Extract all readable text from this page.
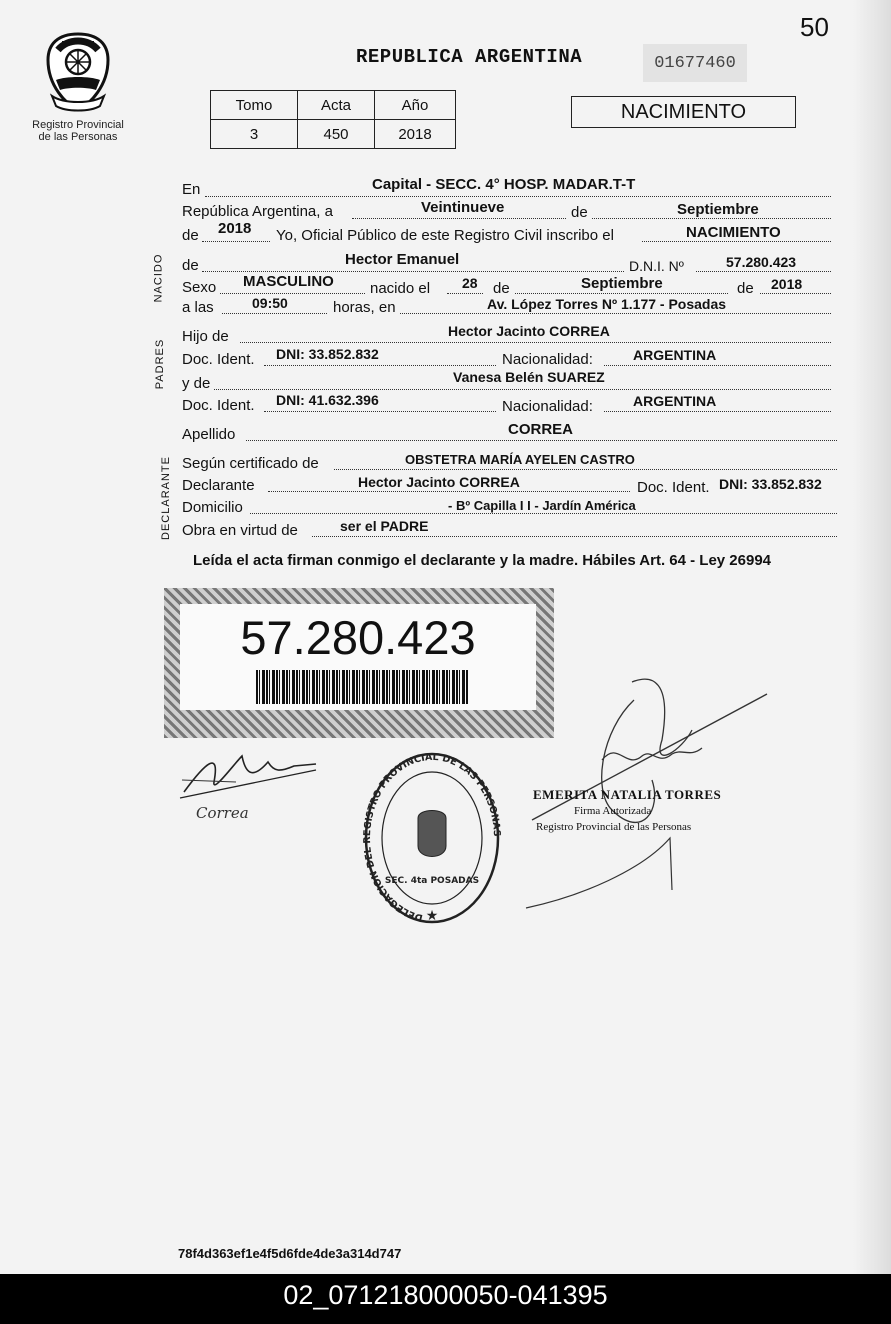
50
Registro Provincial
de las Personas
REPUBLICA ARGENTINA	01677460
Tomo	Acta	Año
3	450	2018
NACIMIENTO
NACIDO
PADRES
DECLARANTE
En	Capital - SECC. 4° HOSP. MADAR.T-T
República Argentina, a	Veintinueve	de	Septiembre
de 2018 Yo, Oficial Público de este Registro Civil inscribo el	NACIMIENTO
de	Hector Emanuel	D.N.I. Nº	57.280.423
Sexo MASCULINO nacido el 28 de	Septiembre	de 2018
a las	09:50	horas, en	Av. López Torres Nº 1.177 - Posadas
Hijo de	Hector Jacinto CORREA
Doc. Ident. DNI: 33.852.832	Nacionalidad:	ARGENTINA
y de	Vanesa Belén SUAREZ
Doc. Ident. DNI: 41.632.396	Nacionalidad:	ARGENTINA
Apellido	CORREA
Según certificado de	OBSTETRA MARÍA AYELEN CASTRO
Declarante	Hector Jacinto CORREA	Doc. Ident. DNI: 33.852.832
Domicilio	- Bº Capilla I I - Jardín América
Obra en virtud de	ser el PADRE
Leída el acta firman conmigo el declarante y la madre. Hábiles Art. 64 - Ley 26994
57.280.423
Correa
DELEGACION DEL REGISTRO PROVINCIAL DE LAS PERSONAS
SEC. 4ta POSADAS
★
EMERITA NATALIA TORRES
Firma Autorizada
Registro Provincial de las Personas
78f4d363ef1e4f5d6fde4de3a314d747
02_071218000050-041395
